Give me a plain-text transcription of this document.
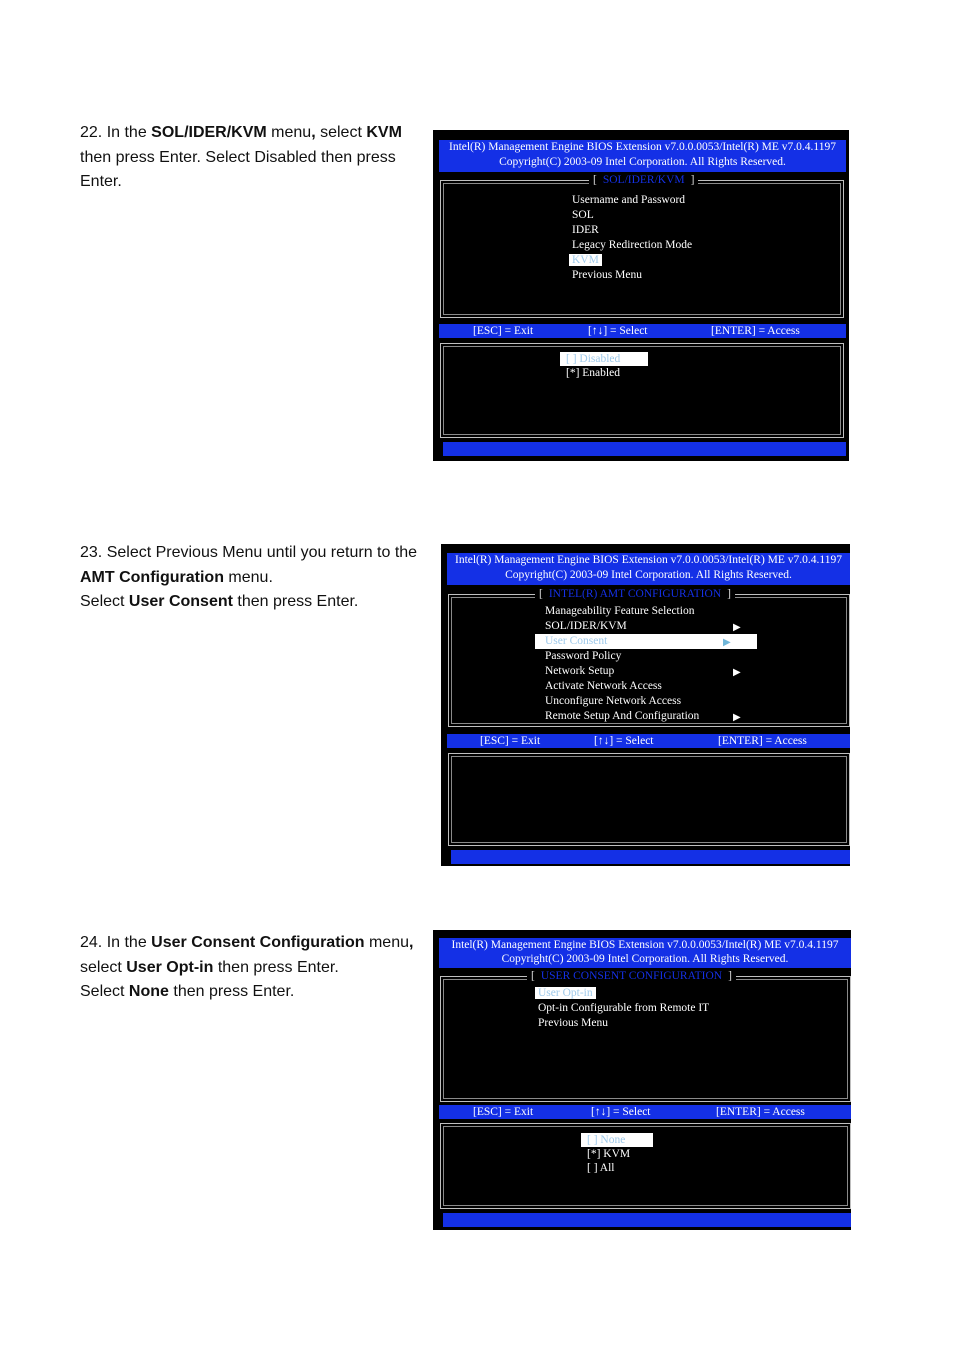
22. In the SOL/IDER/KVM menu, select KVM then press Enter. Select Disabled then press Enter.

23. Select Previous Menu until you return to the AMT Configuration menu.
Select User Consent then press Enter.

24. In the User Consent Configuration menu, select User Opt-in then press Enter.
Select None then press Enter.

Intel(R) Management Engine BIOS Extension v7.0.0.0053/Intel(R) ME v7.0.4.1197
Copyright(C) 2003-09 Intel Corporation. All Rights Reserved.
[ SOL/IDER/KVM ]
Username and Password
SOL
IDER
Legacy Redirection Mode
KVM
Previous Menu
[ESC] = Exit	[↑↓] = Select	[ENTER] = Access
[ ] Disabled
[*] Enabled
Intel(R) Management Engine BIOS Extension v7.0.0.0053/Intel(R) ME v7.0.4.1197
Copyright(C) 2003-09 Intel Corporation. All Rights Reserved.
[ INTEL(R) AMT CONFIGURATION ]
Manageability Feature Selection
SOL/IDER/KVM	▶
User Consent	▶
Password Policy
Network Setup	▶
Activate Network Access
Unconfigure Network Access
Remote Setup And Configuration	▶
[ESC] = Exit	[↑↓] = Select	[ENTER] = Access
Intel(R) Management Engine BIOS Extension v7.0.0.0053/Intel(R) ME v7.0.4.1197
Copyright(C) 2003-09 Intel Corporation. All Rights Reserved.
[ USER CONSENT CONFIGURATION ]
User Opt-in
Opt-in Configurable from Remote IT
Previous Menu
[ESC] = Exit	[↑↓] = Select	[ENTER] = Access
[ ] None
[*] KVM
[ ] All
